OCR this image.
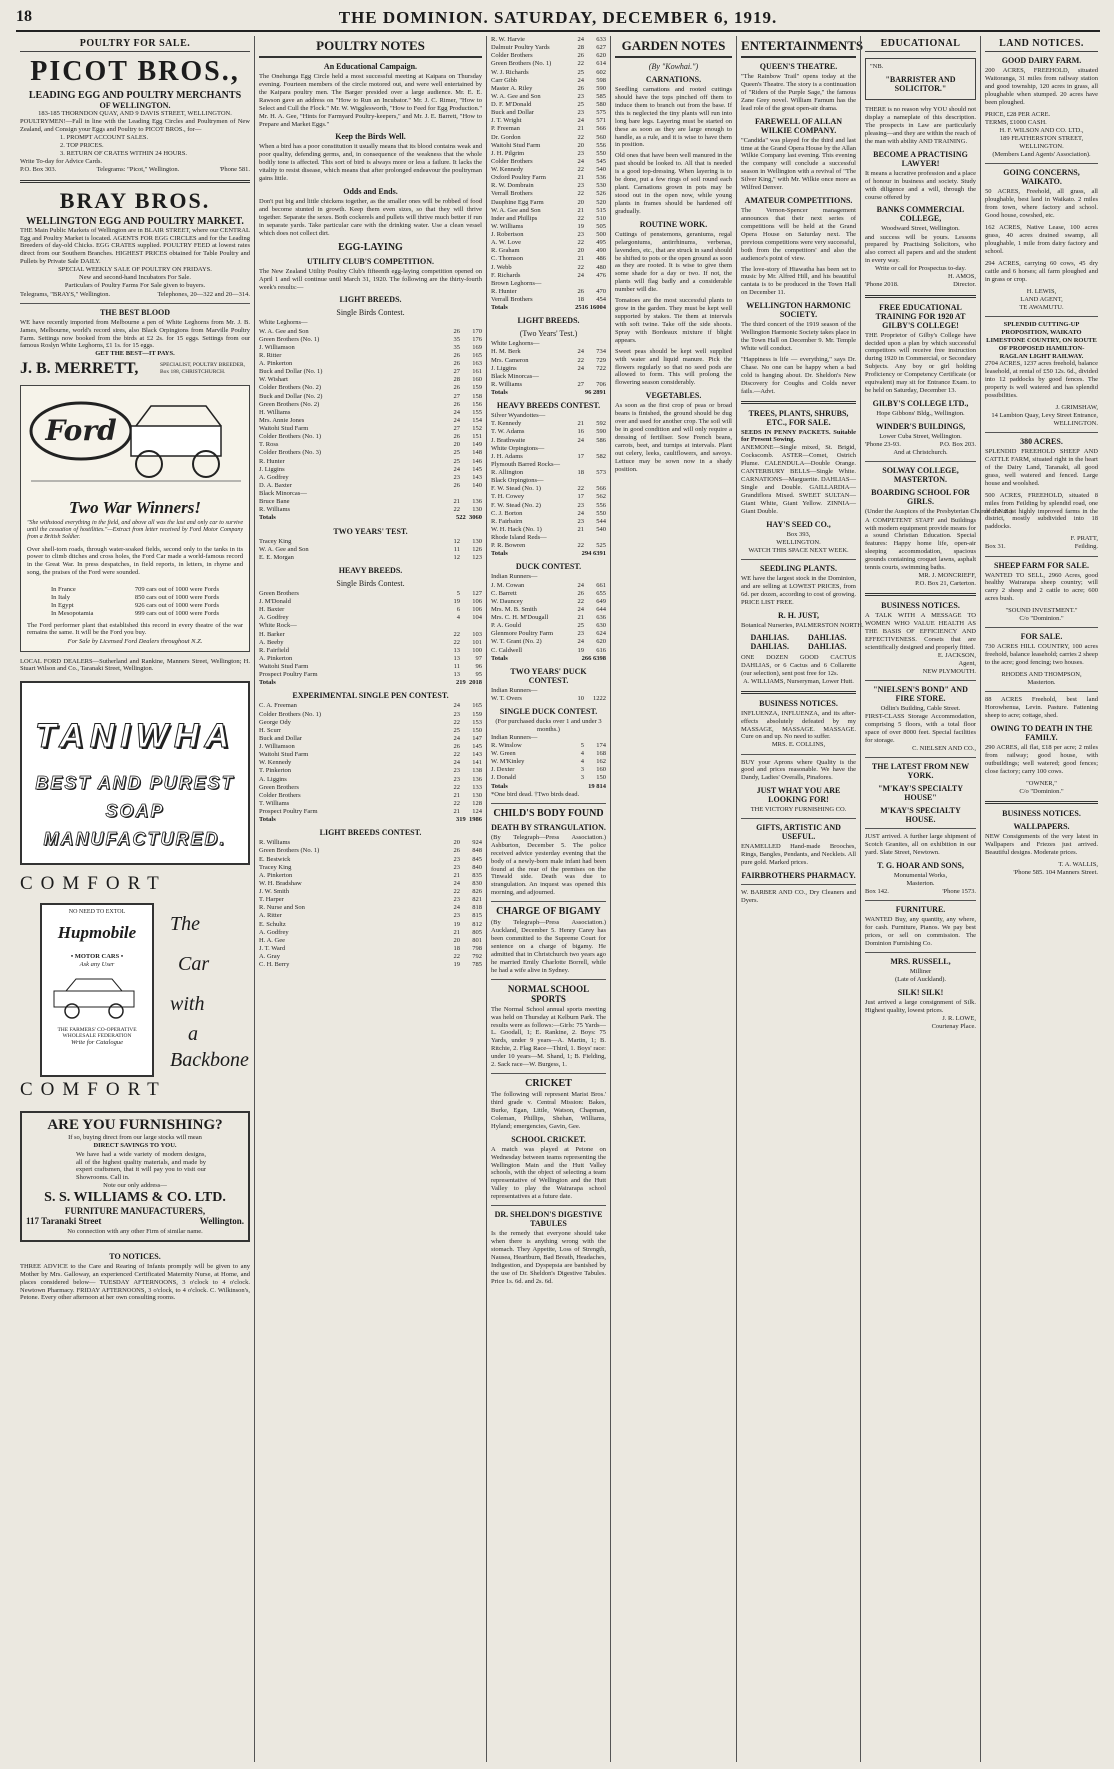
18	THE DOMINION. SATURDAY, DECEMBER 6, 1919.
POULTRY FOR SALE.
PICOT BROS.,
LEADING EGG AND POULTRY MERCHANTS
OF WELLINGTON.
183-185 THORNDON QUAY, AND 9 DAVIS STREET, WELLINGTON.

POULTRYMEN!—Fall in line with the Leading Egg Circles and Poultrymen of New Zealand, and Consign your Eggs and Poultry to PICOT BROS., for—

1. PROMPT ACCOUNT SALES.
2. TOP PRICES.
3. RETURN OF CRATES WITHIN 24 HOURS.
Write To-day for Advice Cards.
P.O. Box 303.	Telegrams: "Picot," Wellington.	'Phone 581.
BRAY BROS.
WELLINGTON EGG AND POULTRY MARKET.

THE Main Public Markets of Wellington are in BLAIR STREET, where our CENTRAL Egg and Poultry Market is located. AGENTS FOR EGG CIRCLES and for the Leading Breeders of day-old Chicks. EGG CRATES supplied. POULTRY FEED at lowest rates direct from our Southern Branches. HIGHEST PRICES obtained for Table Poultry and Pullets by Private Sale DAILY.

SPECIAL WEEKLY SALE OF POULTRY ON FRIDAYS.
New and second-hand Incubators For Sale.
Particulars of Poultry Farms For Sale given to buyers.
Telegrams, "BRAYS," Wellington.	Telephones, 20—322 and 20—314.
THE BEST BLOOD

WE have recently imported from Melbourne a pen of White Leghorns from Mr. J. B. James, Melbourne, world's record sires, also Black Orpingtons from Marville Poultry Farm. Settings now booked from the birds at £2 2s. for 15 eggs. Settings from our famous Roslyn White Leghorns, £1 1s. for 15 eggs.

GET THE BEST—IT PAYS.
J. B. MERRETT,	SPECIALIST, POULTRY BREEDER, Box 188, CHRISTCHURCH.
Ford
Two War Winners!

"She withstood everything in the field, and above all was the last and only car to survive until the cessation of hostilities."—Extract from letter received by Ford Motor Company from a British Soldier.

Over shell-torn roads, through water-soaked fields, second only to the tanks in its power to climb ditches and cross holes, the Ford Car made a world-famous record in the Great War. In press despatches, in field reports, in letters, in rhyme and song, the praises of the Ford were sounded.

In France	709 cars out of 1000 were Fords
In Italy	850 cars out of 1000 were Fords
In Egypt	926 cars out of 1000 were Fords
In Mesopotamia	999 cars out of 1000 were Fords

The Ford performer plant that established this record in every theatre of the war remains the same. It will be the Ford you buy.

For Sale by Licensed Ford Dealers throughout N.Z.

LOCAL FORD DEALERS—Sutherland and Rankine, Manners Street, Wellington; H. Stuart Wilson and Co., Taranaki Street, Wellington.

TANIWHA
BEST AND PUREST
SOAP
MANUFACTURED.
COMFORT
COMFORT
NO NEED TO EXTOL
Hupmobile
• MOTOR CARS •
Ask any User
THE FARMERS' CO-OPERATIVE WHOLESALE FEDERATION
Write for Catalogue
The
Car
with
a
Backbone
ARE YOU FURNISHING?
If so, buying direct from our large stocks will mean
DIRECT SAVINGS TO YOU.

We have had a wide variety of modern designs, all of the highest quality materials, and made by expert craftsmen, that it will pay you to visit our Showrooms. Call in.

Note our only address—
S. S. WILLIAMS & CO. LTD.
FURNITURE MANUFACTURERS,
117 Taranaki Street	Wellington.
No connection with any other Firm of similar name.
TO NOTICES.

THREE ADVICE to the Care and Rearing of Infants promptly will be given to any Mother by Mrs. Galloway, an experienced Certificated Maternity Nurse, at Home, and places considered below— TUESDAY AFTERNOONS, 3 o'clock to 4 o'clock. Newtown Pharmacy. FRIDAY AFTERNOONS, 3 o'clock, to 4 o'clock. C. Wilkinson's, Petone. Every other afternoon at her own consulting rooms.

POULTRY NOTES
An Educational Campaign.

The Onehunga Egg Circle held a most successful meeting at Kaipara on Thursday evening. Fourteen members of the circle motored out, and were well entertained by the Kaipara poultry men. The Barger presided over a large audience. Mr. E. E. Rawson gave an address on "How to Run an Incubator." Mr. J. C. Rimer, "How to Select and Cull the Flock." Mr. W. Wigglesworth, "How to Feed for Egg Production." Mr. H. A. Gee, "Hints for Farmyard Poultry-keepers," and Mr. J. E. Barrett, "How to Prepare and Market Eggs."

Keep the Birds Well.

When a bird has a poor constitution it usually means that its blood contains weak and poor quality, defending germs, and, in consequence of the weakness that the whole bodily tone is affected. This sort of bird is always more or less a failure. It lacks the vitality to resist disease, which means that after prolonged endeavour the poultryman gains little.

Odds and Ends.

Don't put big and little chickens together, as the smaller ones will be robbed of food and become stunted in growth. Keep them even sizes, so that they will thrive together. Separate the sexes. Both cockerels and pullets will thrive much better if run in separate yards. Take particular care with the drinking water. Use a clean vessel which does not collect dirt.

EGG-LAYING
UTILITY CLUB'S COMPETITION.

The New Zealand Utility Poultry Club's fifteenth egg-laying competition opened on April 1 and will continue until March 31, 1920. The following are the thirty-fourth week's results:—

LIGHT BREEDS.
Single Birds Contest.
White Leghorns—
W. A. Gee and Son	26 170
Green Brothers (No. 1)	35 176
J. Williamson	35 169
R. Ritter	26 165
A. Pinkerton	26 163
Buck and Dollar (No. 1)	27 161
W. Wishart	28 160
Colder Brothers (No. 2)	26 159
Buck and Dollar (No. 2)	27 158
Green Brothers (No. 2)	26 156
H. Williams	24 155
Mrs. Annie Jones	24 154
Waitohi Stud Farm	27 152
Colder Brothers (No. 1)	26 151
T. Ross	20 149
Colder Brothers (No. 3)	25 148
R. Hunter	25 146
J. Liggins	24 145
A. Godfrey	23 143
D. A. Baxter	26 140
Black Minorcas—
Bruce Bane	21 136
R. Williams	22 130
Totals	522 3060
TWO YEARS' TEST.
Tracey King	12 130
W. A. Gee and Son	11 126
E. E. Morgan	12 123
HEAVY BREEDS.
Single Birds Contest.
Green Brothers	5 127
J. M'Donald	19 106
H. Baxter	6 106
A. Godfrey	4 104
White Rock—
H. Barker	22 103
A. Beeby	22 101
R. Fairfield	13 100
A. Pinkerton	13 97
Waitohi Stud Farm	11 96
Prospect Poultry Farm	13 95
Totals	219 2018
EXPERIMENTAL SINGLE PEN CONTEST.
C. A. Freeman	24 165
Colder Brothers (No. 1)	23 159
George Ody	22 153
H. Scurr	25 150
Buck and Dollar	24 147
J. Williamson	26 145
Waitohi Stud Farm	22 143
W. Kennedy	24 141
T. Pinkerton	23 138
A. Liggins	23 136
Green Brothers	22 133
Colder Brothers	21 130
T. Williams	22 128
Prospect Poultry Farm	21 124
Totals	319 1986
LIGHT BREEDS CONTEST.
R. Williams	20 924
Green Brothers (No. 1)	26 848
E. Bestwick	23 845
Tracey King	23 840
A. Pinkerton	21 835
W. H. Bradshaw	24 830
J. W. Smith	22 826
T. Harper	23 821
R. Nurse and Son	24 818
A. Ritter	23 815
E. Schultz	19 812
A. Godfrey	21 805
H. A. Gee	20 801
J. T. Ward	18 798
A. Gray	22 792
C. H. Berry	19 785
R. W. Harvie	24 633
Dalmuir Poultry Yards	28 627
Colder Brothers	26 620
Green Brothers (No. 1)	22 614
W. J. Richards	25 602
Carr Gibb	24 598
Master A. Riley	26 590
W. A. Gee and Son	23 585
D. F. M'Donald	25 580
Buck and Dollar	23 575
J. T. Wright	24 571
P. Freeman	21 566
Dr. Gordon	22 560
Waitohi Stud Farm	20 556
J. H. Pilgrim	23 550
Colder Brothers	24 545
W. Kennedy	22 540
Oxford Poultry Farm	21 536
R. W. Dombrain	23 530
Verrall Brothers	22 526
Dauphine Egg Farm	20 520
W. A. Gee and Son	21 515
Inder and Phillips	22 510
W. Williams	19 505
J. Robertson	23 500
A. W. Love	22 495
R. Graham	20 490
C. Thomson	21 486
J. Webb	22 480
F. Richards	24 476
Brown Leghorns—
R. Hunter	26 470
Verrall Brothers	18 454
Totals	2516 16004
LIGHT BREEDS.
(Two Years' Test.)
White Leghorns—
H. M. Berk	24 734
Mrs. Cameron	22 729
J. Liggins	24 722
Black Minorcas—
R. Williams	27 706
Totals	96 2891
HEAVY BREEDS CONTEST.
Silver Wyandottes—
T. Kennedy	21 592
T. W. Adams	16 590
J. Brathwaite	24 586
White Orpingtons—
J. H. Adams	17 582
Plymouth Barred Rocks—
R. Allington	18 573
Black Orpingtons—
F. W. Stead (No. 1)	22 566
T. H. Cowey	17 562
F. W. Stead (No. 2)	23 556
C. J. Borton	24 550
R. Fairbairn	23 544
W. H. Hack (No. 1)	21 540
Rhode Island Reds—
P. R. Bowren	22 525
Totals	294 6391
DUCK CONTEST.
Indian Runners—
J. M. Cowan	24 661
C. Barrett	26 655
W. Dauncey	22 649
Mrs. M. B. Smith	24 644
Mrs. C. H. M'Dougall	21 636
P. A. Gould	25 630
Glenmore Poultry Farm	23 624
W. T. Grant (No. 2)	24 620
C. Caldwell	19 616
Totals	266 6398
TWO YEARS' DUCK CONTEST.
Indian Runners—
W. T. Overs	10 1222
SINGLE DUCK CONTEST.

(For purchased ducks over 1 and under 3 months.)

Indian Runners—
R. Winslow	5 174
W. Green	4 168
W. M'Kinley	4 162
J. Dexter	3 160
J. Donald	3 150
Totals	19 814
*One bird dead. †Two birds dead.
CHILD'S BODY FOUND
DEATH BY STRANGULATION.

(By Telegraph—Press Association.) Ashburton, December 5. The police received advice yesterday evening that the body of a newly-born male infant had been found at the rear of the premises on the Tinwald side. Death was due to strangulation. An inquest was opened this morning, and adjourned.

CHARGE OF BIGAMY

(By Telegraph—Press Association.) Auckland, December 5. Henry Carey has been committed to the Supreme Court for sentence on a charge of bigamy. He admitted that in Christchurch two years ago he married Emily Charlotte Borrell, while he had a wife alive in Sydney.

NORMAL SCHOOL SPORTS

The Normal School annual sports meeting was held on Thursday at Kelburn Park. The results were as follows:—Girls: 75 Yards—L. Goodall, 1; E. Rankine, 2. Boys: 75 Yards, under 9 years—A. Martin, 1; B. Ritchie, 2. Flag Race—Third, 1. Boys' race: under 10 years—M. Shand, 1; B. Fielding, 2. Sack race—W. Burgess, 1.

CRICKET

The following will represent Marist Bros.' third grade v. Central Mission: Bakes, Burke, Egan, Little, Watson, Chapman, Coleman, Phillips, Shehan, Williams, Hyland; emergencies, Gavin, Gee.

SCHOOL CRICKET.

A match was played at Petone on Wednesday between teams representing the Wellington Main and the Hutt Valley schools, with the object of selecting a team representative of Wellington and the Hutt Valley to play the Wairarapa school representatives at a future date.

DR. SHELDON'S DIGESTIVE TABULES

Is the remedy that everyone should take when there is anything wrong with the stomach. They Appetite, Loss of Strength, Nausea, Heartburn, Bad Breath, Headaches, Indigestion, and Dyspepsia are banished by the use of Dr. Sheldon's Digestive Tabules. Price 1s. 6d. and 2s. 6d.

GARDEN NOTES
(By "Kowhai.")
CARNATIONS.

Seedling carnations and rooted cuttings should have the tops pinched off them to induce them to branch out from the base. If this is neglected the tiny plants will run into long bare legs. Layering must be started on these as soon as they are large enough to handle, as a rule, and it is wise to have them in position.

Old ones that have been well manured in the past should be looked to. All that is needed is a good top-dressing. When layering is to be done, put a few rings of soil round each plant. Carnations grown in pots may be stood out in the open now, while young plants in frames should be hardened off gradually.

ROUTINE WORK.

Cuttings of penstemons, geraniums, regal pelargoniums, antirrhinums, verbenas, lavenders, etc., that are struck in sand should be shifted to pots or the open ground as soon as they are rooted. It is wise to give them some shade for a day or two. If not, the plants will flag badly and a considerable number will die.

Tomatoes are the most successful plants to grow in the garden. They must be kept well supported by stakes. Tie them at intervals with soft twine. Take off the side shoots. Spray with Bordeaux mixture if blight appears.

Sweet peas should be kept well supplied with water and liquid manure. Pick the flowers regularly so that no seed pods are allowed to form. This will prolong the flowering season considerably.

VEGETABLES.

As soon as the first crop of peas or broad beans is finished, the ground should be dug over and used for another crop. The soil will be in good condition and will only require a dressing of fertiliser. Sow French beans, carrots, beet, and turnips at intervals. Plant out celery, leeks, cauliflowers, and savoys. Lettuce may be sown now in a shady position.

ENTERTAINMENTS
QUEEN'S THEATRE.

"The Rainbow Trail" opens today at the Queen's Theatre. The story is a continuation of "Riders of the Purple Sage," the famous Zane Grey novel. William Farnum has the lead role of the great open-air drama.

FAREWELL OF ALLAN WILKIE COMPANY.

"Candida" was played for the third and last time at the Grand Opera House by the Allan Wilkie Company last evening. This evening the company will conclude a successful season in Wellington with a revival of "The Silver King," with Mr. Wilkie once more as Wilfred Denver.

AMATEUR COMPETITIONS.

The Vernon-Spencer management announces that their next series of competitions will be held at the Grand Opera House on Saturday next. The previous competitions were very successful, both from the competitors' and also the audience's point of view.

The love-story of Hiawatha has been set to music by Mr. Alfred Hill, and his beautiful cantata is to be produced in the Town Hall on December 11.

WELLINGTON HARMONIC SOCIETY.

The third concert of the 1919 season of the Wellington Harmonic Society takes place in the Town Hall on December 9. Mr. Temple White will conduct.

"Happiness is life — everything," says Dr. Chase. No one can be happy when a bad cold is hanging about. Dr. Sheldon's New Discovery for Coughs and Colds never fails.—Advt.

TREES, PLANTS, SHRUBS, ETC., FOR SALE.

SEEDS IN PENNY PACKETS. Suitable for Present Sowing.

ANEMONE—Single mixed, St. Brigid, Cockscomb. ASTER—Comet, Ostrich Plume. CALENDULA—Double Orange. CANTERBURY BELLS—Single White. CARNATIONS—Marguerite. DAHLIAS—Single and Double. GAILLARDIA—Grandiflora Mixed. SWEET SULTAN—Giant White, Giant Yellow. ZINNIA—Giant Double.

HAY'S SEED CO.,
Box 393,
WELLINGTON.
WATCH THIS SPACE NEXT WEEK.
SEEDLING PLANTS.

WE have the largest stock in the Dominion, and are selling at LOWEST PRICES, from 6d. per dozen, according to cost of growing. PRICE LIST FREE.

R. H. JUST,
Botanical Nurseries, PALMERSTON NORTH.
DAHLIAS.	DAHLIAS.
DAHLIAS.	DAHLIAS.

ONE DOZEN GOOD CACTUS DAHLIAS, or 6 Cactus and 6 Collarette (our selection), sent post free for 12s.

A. WILLIAMS, Nurseryman, Lower Hutt.
BUSINESS NOTICES.

INFLUENZA, INFLUENZA, and its after-effects absolutely defeated by my MASSAGE, MASSAGE. MASSAGE. Cure on and up. No need to suffer.

MRS. E. COLLINS,

BUY your Aprons where Quality is the good and prices reasonable. We have the Dandy, Ladies' Overalls, Pinafores.

JUST WHAT YOU ARE LOOKING FOR!
THE VICTORY FURNISHING CO.
GIFTS, ARTISTIC AND USEFUL.

ENAMELLED Hand-made Brooches, Rings, Bangles, Pendants, and Necklets. All pure gold. Marked prices.

FAIRBROTHERS PHARMACY.

W. BARBER AND CO., Dry Cleaners and Dyers.

EDUCATIONAL
"NB.
"BARRISTER AND SOLICITOR."

THERE is no reason why YOU should not display a nameplate of this description. The prospects in Law are particularly pleasing—and they are within the reach of the man with ability AND TRAINING.

BECOME A PRACTISING LAWYER!

It means a lucrative profession and a place of honour in business and society. Study with diligence and a will, through the course offered by

BANKS COMMERCIAL COLLEGE,
Woodward Street, Wellington.

and success will be yours. Lessons prepared by Practising Solicitors, who also correct all papers and aid the student in every way.

Write or call for Prospectus to-day.
H. AMOS,
'Phone 2018.	Director.
FREE EDUCATIONAL TRAINING FOR 1920 AT GILBY'S COLLEGE!

THE Proprietor of Gilby's College have decided upon a plan by which successful competitors will receive free instruction during 1920 in Commercial, or Secondary Subjects. Any boy or girl holding Proficiency or Competency Certificate (or equivalent) may sit for Entrance Exam. to be held on Saturday, December 13.

GILBY'S COLLEGE LTD.,
Hope Gibbons' Bldg., Wellington.
WINDER'S BUILDINGS,
Lower Cuba Street, Wellington.
'Phone 23-93.	P.O. Box 203.
And at Christchurch.
SOLWAY COLLEGE, MASTERTON.
BOARDING SCHOOL FOR GIRLS.
(Under the Auspices of the Presbyterian Church of N.Z.)

A COMPETENT STAFF and Buildings with modern equipment provide means for a sound Christian Education. Special features: Happy home life, open-air sleeping accommodation, spacious grounds containing croquet lawns, asphalt tennis courts, swimming baths.

MR. J. MONCRIEFF,
P.O. Box 21, Carterton.
BUSINESS NOTICES.

A TALK WITH A MESSAGE TO WOMEN WHO VALUE HEALTH AS THE BASIS OF EFFICIENCY AND EFFECTIVENESS. Corsets that are scientifically designed and properly fitted.

E. JACKSON,
Agent,
NEW PLYMOUTH.
"NIELSEN'S BOND" AND FIRE STORE.
Odlin's Building, Cable Street.

FIRST-CLASS Storage Accommodation, comprising 5 floors, with a total floor space of over 8000 feet. Special facilities for storage.

C. NIELSEN AND CO.,
THE LATEST FROM NEW YORK.
"M'KAY'S SPECIALTY HOUSE"
M'KAY'S SPECIALTY HOUSE.

JUST arrived. A further large shipment of Scotch Granites, all on exhibition in our yard. Slate Street, Newtown.

T. G. HOAR AND SONS,
Monumental Works,
Masterton.
Box 142.	'Phone 1573.
FURNITURE.

WANTED Buy, any quantity, any where, for cash. Furniture, Pianos. We pay best prices, or sell on commission. The Dominion Furnishing Co.

MRS. RUSSELL,
Milliner
(Late of Auckland).
SILK! SILK!

Just arrived a large consignment of Silk. Highest quality, lowest prices.

J. R. LOWE,
Courtenay Place.
LAND NOTICES.
GOOD DAIRY FARM.

200 ACRES, FREEHOLD, situated Waitoranga, 31 miles from railway station and good township, 120 acres in grass, all ploughable when stumped. 20 acres have been ploughed.

PRICE, £28 PER ACRE.
TERMS, £1000 CASH.
H. F. WILSON AND CO. LTD.,
189 FEATHERSTON STREET,
WELLINGTON.
(Members Land Agents' Association).
GOING CONCERNS, WAIKATO.

50 ACRES, Freehold, all grass, all ploughable, best land in Waikato. 2 miles from town, where factory and school. Good house, cowshed, etc.

162 ACRES, Native Lease, 100 acres grass, 40 acres drained swamp, all ploughable, 1 mile from dairy factory and school.

294 ACRES, carrying 60 cows, 45 dry cattle and 6 horses; all farm ploughed and in grass or crop.

H. LEWIS,
LAND AGENT,
TE AWAMUTU.

SPLENDID CUTTING-UP PROPOSITION, WAIKATO LIMESTONE COUNTRY, ON ROUTE OF PROPOSED HAMILTON-RAGLAN LIGHT RAILWAY.

2704 ACRES, 1237 acres freehold, balance leasehold, at rental of £50 12s. 6d., divided into 12 paddocks by good fences. The property is well watered and has splendid possibilities.

J. GRIMSHAW,

14 Lambton Quay, Levy Street Entrance, WELLINGTON.

380 ACRES.

SPLENDID FREEHOLD SHEEP AND CATTLE FARM, situated right in the heart of the Dairy Land, Taranaki, all good grass, well watered and fenced. Large house and woolshed.

500 ACRES, FREEHOLD, situated 8 miles from Feilding by splendid road, one of the most highly improved farms in the district, mostly subdivided into 18 paddocks.

F. PRATT,
Box 31.	Feilding.
SHEEP FARM FOR SALE.

WANTED TO SELL, 2960 Acres, good healthy Wairarapa sheep country; will carry 2 sheep and 2 cattle to acre; 600 acres bush.

"SOUND INVESTMENT."
C/o "Dominion."
FOR SALE.

730 ACRES HILL COUNTRY, 100 acres freehold, balance leasehold; carries 2 sheep to the acre; good fencing; two houses.

RHODES AND THOMPSON,
Masterton.

88 ACRES Freehold, best land Horowhenua, Levin. Pasture. Fattening sheep to acre; cottage, shed.

OWING TO DEATH IN THE FAMILY.

290 ACRES, all flat, £18 per acre; 2 miles from railway; good house, with outbuildings; well watered; good fences; close factory; carry 100 cows.

"OWNER,"
C/o "Dominion."
BUSINESS NOTICES.
WALLPAPERS.

NEW Consignments of the very latest in Wallpapers and Friezes just arrived. Beautiful designs. Moderate prices.

T. A. WALLIS,
'Phone 585. 104 Manners Street.
